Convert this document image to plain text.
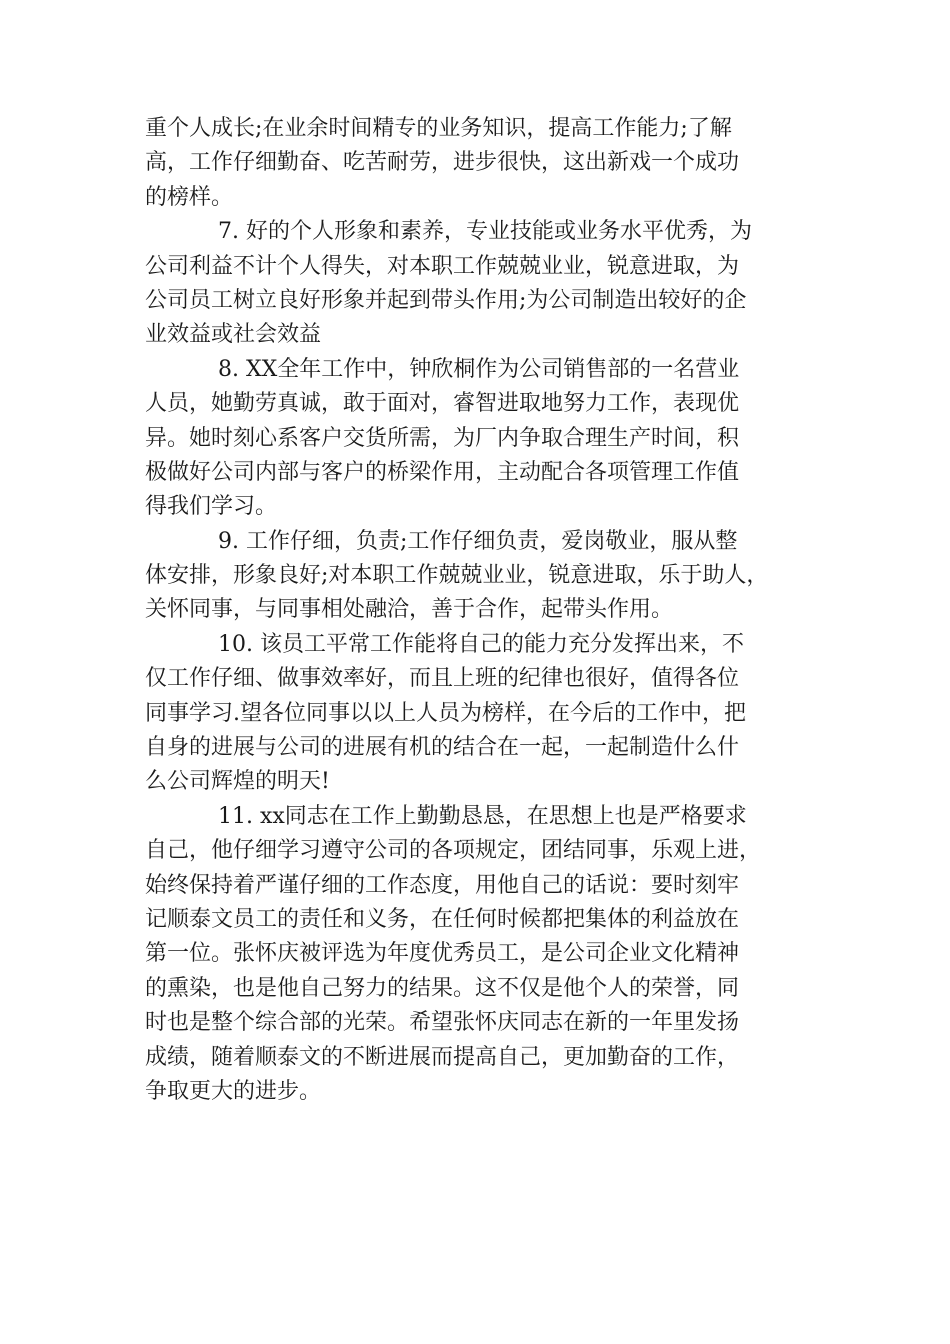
重个人成长;在业余时间精专的业务知识，提高工作能力;了解
高，工作仔细勤奋、吃苦耐劳，进步很快，这出新戏一个成功
的榜样。
7. 好的个人形象和素养，专业技能或业务水平优秀，为
公司利益不计个人得失，对本职工作兢兢业业，锐意进取，为
公司员工树立良好形象并起到带头作用;为公司制造出较好的企
业效益或社会效益
8. XX全年工作中，钟欣桐作为公司销售部的一名营业
人员，她勤劳真诚，敢于面对，睿智进取地努力工作，表现优
异。她时刻心系客户交货所需，为厂内争取合理生产时间，积
极做好公司内部与客户的桥梁作用，主动配合各项管理工作值
得我们学习。
9. 工作仔细，负责;工作仔细负责，爱岗敬业，服从整
体安排，形象良好;对本职工作兢兢业业，锐意进取，乐于助人，
关怀同事，与同事相处融洽，善于合作，起带头作用。
10. 该员工平常工作能将自己的能力充分发挥出来，不
仅工作仔细、做事效率好，而且上班的纪律也很好，值得各位
同事学习.望各位同事以以上人员为榜样，在今后的工作中，把
自身的进展与公司的进展有机的结合在一起，一起制造什么什
么公司辉煌的明天!
11. xx同志在工作上勤勤恳恳，在思想上也是严格要求
自己，他仔细学习遵守公司的各项规定，团结同事，乐观上进，
始终保持着严谨仔细的工作态度，用他自己的话说：要时刻牢
记顺泰文员工的责任和义务，在任何时候都把集体的利益放在
第一位。张怀庆被评选为年度优秀员工，是公司企业文化精神
的熏染，也是他自己努力的结果。这不仅是他个人的荣誉，同
时也是整个综合部的光荣。希望张怀庆同志在新的一年里发扬
成绩，随着顺泰文的不断进展而提高自己，更加勤奋的工作，
争取更大的进步。
